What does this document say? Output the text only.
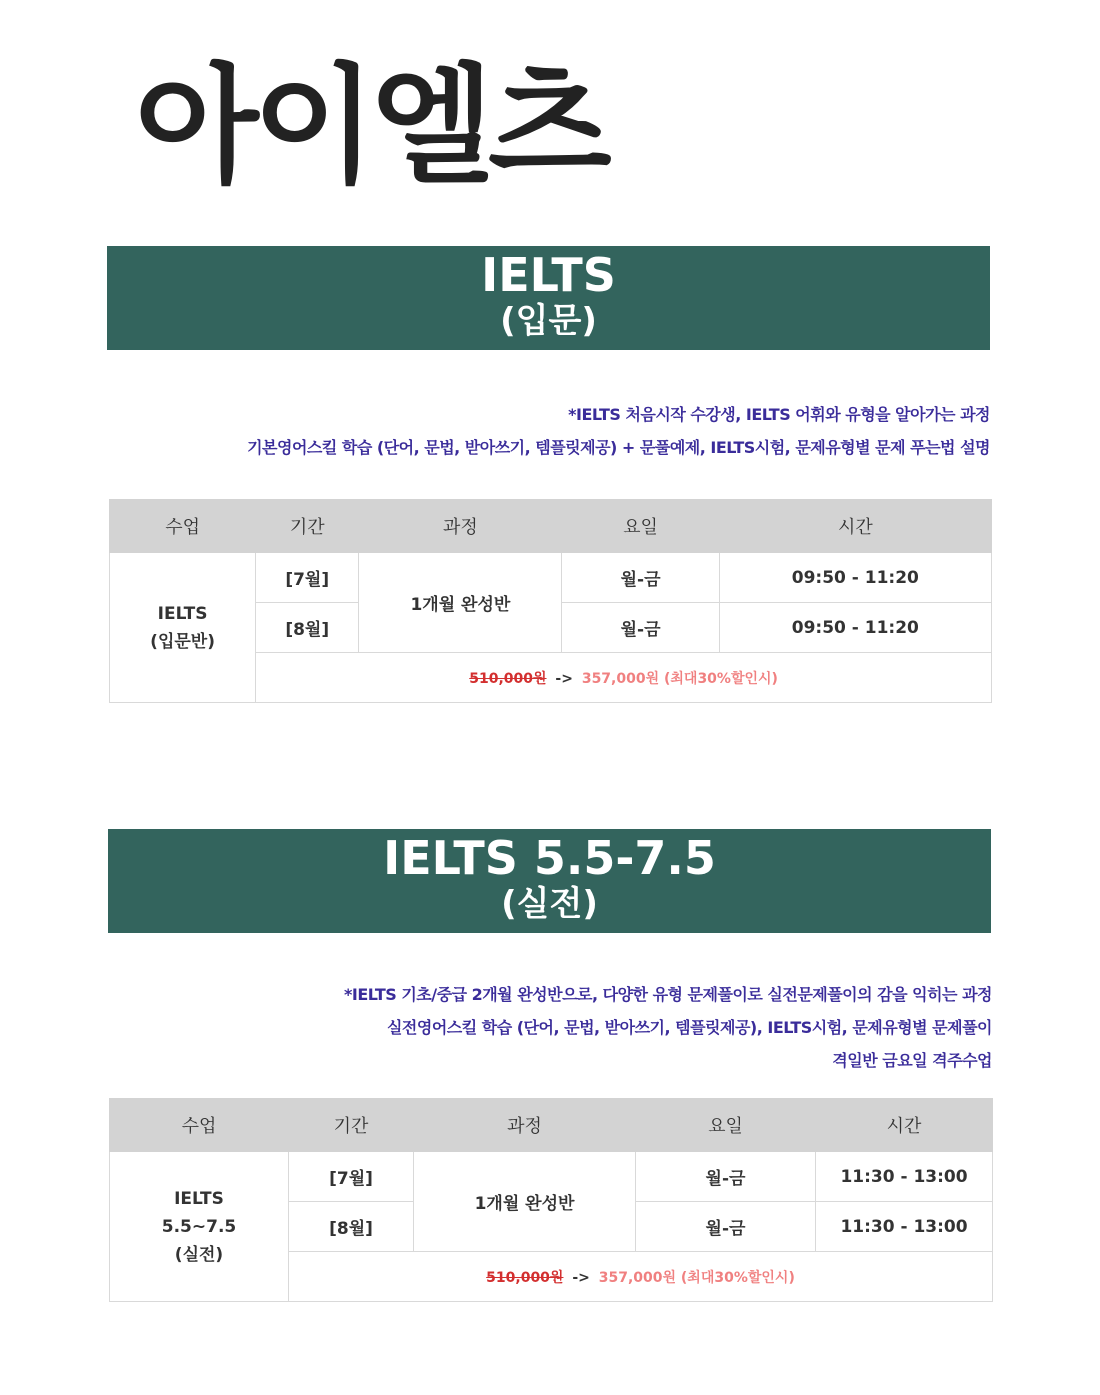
아이엘츠
IELTS
(입문)
*IELTS 처음시작 수강생, IELTS 어휘와 유형을 알아가는 과정
기본영어스킬 학습 (단어, 문법, 받아쓰기, 템플릿제공) + 문풀예제, IELTS시험, 문제유형별 문제 푸는법 설명
수업	기간	과정	요일	시간

IELTS
(입문반)	[7월]	1개월 완성반	월-금	09:50 - 11:20
	[8월]		월-금	09:50 - 11:20
	510,000원 -> 357,000원 (최대30%할인시)			
IELTS 5.5-7.5
(실전)
*IELTS 기초/중급 2개월 완성반으로, 다양한 유형 문제풀이로 실전문제풀이의 감을 익히는 과정
실전영어스킬 학습 (단어, 문법, 받아쓰기, 템플릿제공), IELTS시험, 문제유형별 문제풀이
격일반 금요일 격주수업
수업	기간	과정	요일	시간

IELTS
5.5~7.5
(실전)	[7월]	1개월 완성반	월-금	11:30 - 13:00
	[8월]		월-금	11:30 - 13:00
	510,000원 -> 357,000원 (최대30%할인시)			
